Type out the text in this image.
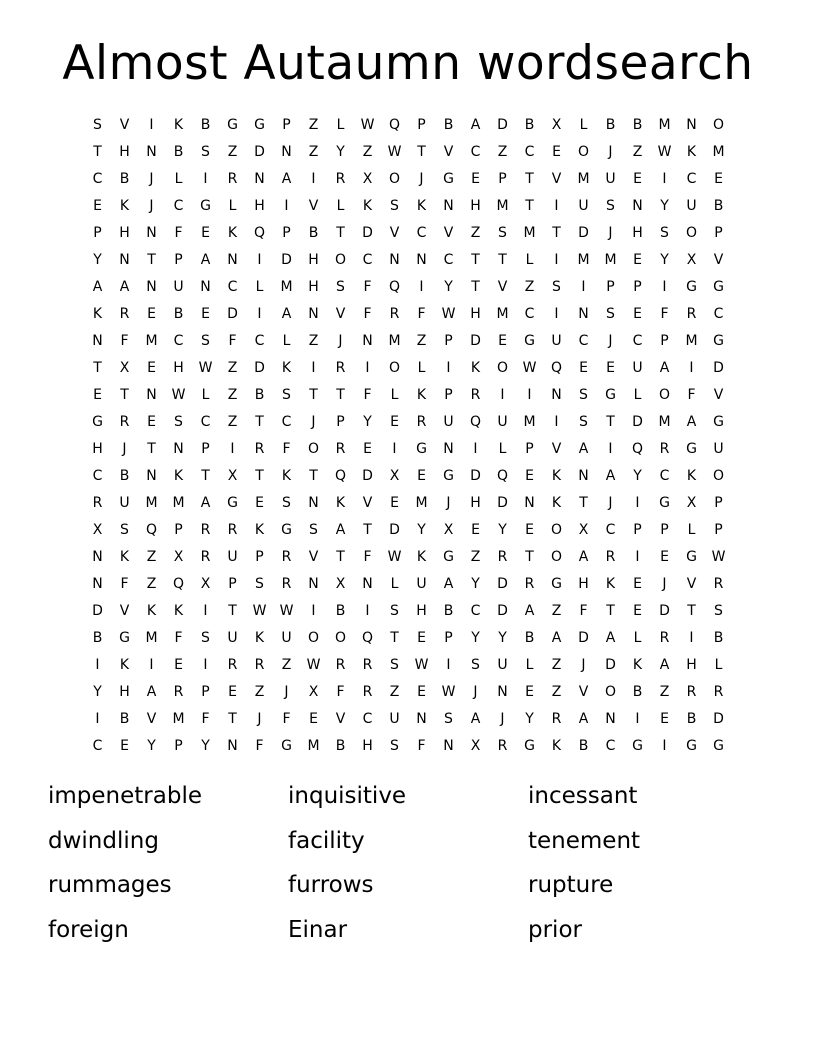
Almost Autaumn wordsearch
S	V	I	K	B	G	G	P	Z	L	W	Q	P	B	A	D	B	X	L	B	B	M	N	O
T	H	N	B	S	Z	D	N	Z	Y	Z	W	T	V	C	Z	C	E	O	J	Z	W	K	M
C	B	J	L	I	R	N	A	I	R	X	O	J	G	E	P	T	V	M	U	E	I	C	E
E	K	J	C	G	L	H	I	V	L	K	S	K	N	H	M	T	I	U	S	N	Y	U	B
P	H	N	F	E	K	Q	P	B	T	D	V	C	V	Z	S	M	T	D	J	H	S	O	P
Y	N	T	P	A	N	I	D	H	O	C	N	N	C	T	T	L	I	M	M	E	Y	X	V
A	A	N	U	N	C	L	M	H	S	F	Q	I	Y	T	V	Z	S	I	P	P	I	G	G
K	R	E	B	E	D	I	A	N	V	F	R	F	W	H	M	C	I	N	S	E	F	R	C
N	F	M	C	S	F	C	L	Z	J	N	M	Z	P	D	E	G	U	C	J	C	P	M	G
T	X	E	H	W	Z	D	K	I	R	I	O	L	I	K	O	W	Q	E	E	U	A	I	D
E	T	N	W	L	Z	B	S	T	T	F	L	K	P	R	I	I	N	S	G	L	O	F	V
G	R	E	S	C	Z	T	C	J	P	Y	E	R	U	Q	U	M	I	S	T	D	M	A	G
H	J	T	N	P	I	R	F	O	R	E	I	G	N	I	L	P	V	A	I	Q	R	G	U
C	B	N	K	T	X	T	K	T	Q	D	X	E	G	D	Q	E	K	N	A	Y	C	K	O
R	U	M	M	A	G	E	S	N	K	V	E	M	J	H	D	N	K	T	J	I	G	X	P
X	S	Q	P	R	R	K	G	S	A	T	D	Y	X	E	Y	E	O	X	C	P	P	L	P
N	K	Z	X	R	U	P	R	V	T	F	W	K	G	Z	R	T	O	A	R	I	E	G	W
N	F	Z	Q	X	P	S	R	N	X	N	L	U	A	Y	D	R	G	H	K	E	J	V	R
D	V	K	K	I	T	W W	I	B	I	S	H	B	C	D	A	Z	F	T	E	D	T	S
B	G	M	F	S	U	K	U	O	O	Q	T	E	P	Y	Y	B	A	D	A	L	R	I	B
I	K	I	E	I	R	R	Z	W	R	R	S	W	I	S	U	L	Z	J	D	K	A	H	L
Y	H	A	R	P	E	Z	J	X	F	R	Z	E	W	J	N	E	Z	V	O	B	Z	R	R
I	B	V	M	F	T	J	F	E	V	C	U	N	S	A	J	Y	R	A	N	I	E	B	D
C	E	Y	P	Y	N	F	G	M	B	H	S	F	N	X	R	G	K	B	C	G	I	G	G
impenetrable	inquisitive	incessant
dwindling	facility	tenement
rummages	furrows	rupture
foreign	Einar	prior
